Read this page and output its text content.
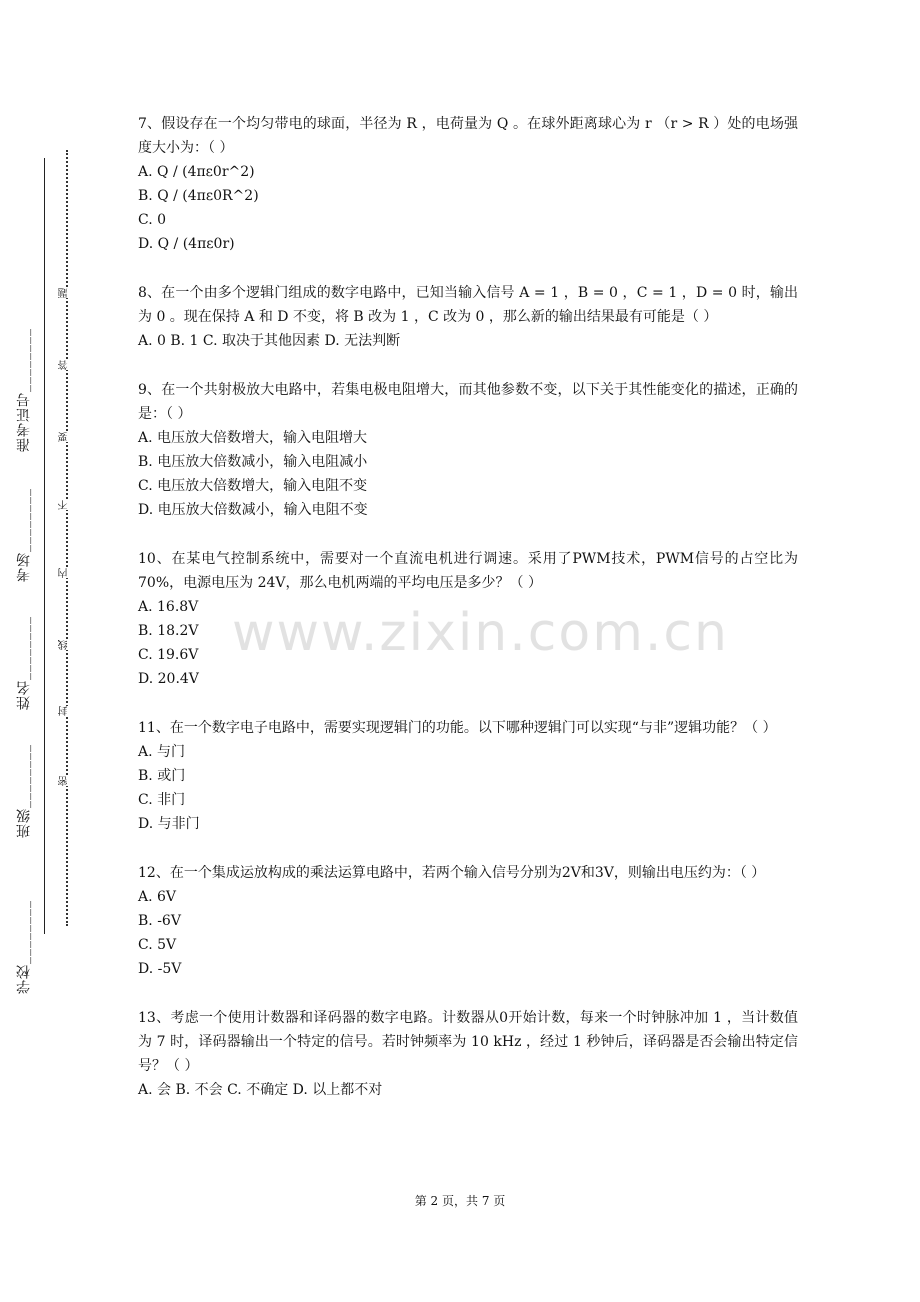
准考证号________
考场________
姓名________
班级________
学校________
题
答
要
不
内
线
封
密
www.zixin.com.cn

7、假设存在一个均匀带电的球面，半径为 R ，电荷量为 Q 。在球外距离球心为 r （r > R ）处的电场强度大小为：（ ）

A. Q / (4πε0r^2)

B. Q / (4πε0R^2)

C. 0

D. Q / (4πε0r)

8、在一个由多个逻辑门组成的数字电路中，已知当输入信号 A = 1 ，B = 0 ，C = 1 ，D = 0 时，输出为 0 。现在保持 A 和 D 不变，将 B 改为 1 ，C 改为 0 ，那么新的输出结果最有可能是（ ）

A. 0 B. 1 C. 取决于其他因素 D. 无法判断

9、在一个共射极放大电路中，若集电极电阻增大，而其他参数不变，以下关于其性能变化的描述，正确的是：（ ）

A. 电压放大倍数增大，输入电阻增大

B. 电压放大倍数减小，输入电阻减小

C. 电压放大倍数增大，输入电阻不变

D. 电压放大倍数减小，输入电阻不变

10、在某电气控制系统中，需要对一个直流电机进行调速。采用了PWM技术，PWM信号的占空比为 70%，电源电压为 24V，那么电机两端的平均电压是多少？（ ）

A. 16.8V

B. 18.2V

C. 19.6V

D. 20.4V

11、在一个数字电子电路中，需要实现逻辑门的功能。以下哪种逻辑门可以实现“与非”逻辑功能？（ ）

A. 与门

B. 或门

C. 非门

D. 与非门

12、在一个集成运放构成的乘法运算电路中，若两个输入信号分别为2V和3V，则输出电压约为：（ ）

A. 6V

B. -6V

C. 5V

D. -5V

13、考虑一个使用计数器和译码器的数字电路。计数器从0开始计数，每来一个时钟脉冲加 1 ，当计数值为 7 时，译码器输出一个特定的信号。若时钟频率为 10 kHz ，经过 1 秒钟后，译码器是否会输出特定信号？（ ）

A. 会 B. 不会 C. 不确定 D. 以上都不对

第 2 页，共 7 页
